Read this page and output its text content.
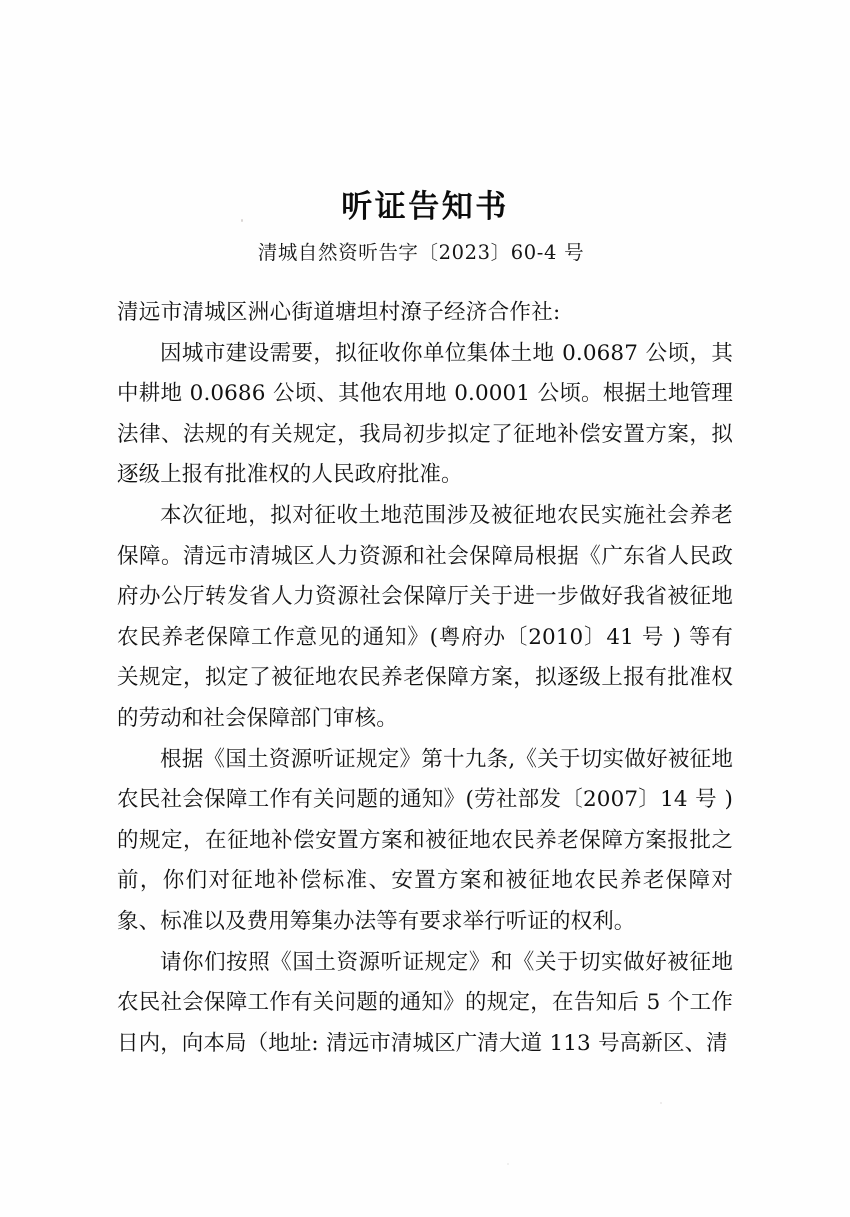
听证告知书
清城自然资听告字〔2023〕60-4 号

清远市清城区洲心街道塘坦村潦子经济合作社:

因城市建设需要，拟征收你单位集体土地 0.0687 公顷，其中耕地 0.0686 公顷、其他农用地 0.0001 公顷。根据土地管理法律、法规的有关规定，我局初步拟定了征地补偿安置方案，拟逐级上报有批准权的人民政府批准。

本次征地，拟对征收土地范围涉及被征地农民实施社会养老保障。清远市清城区人力资源和社会保障局根据《广东省人民政府办公厅转发省人力资源社会保障厅关于进一步做好我省被征地农民养老保障工作意见的通知》(粤府办〔2010〕41 号 ) 等有关规定，拟定了被征地农民养老保障方案，拟逐级上报有批准权的劳动和社会保障部门审核。

根据《国土资源听证规定》第十九条,《关于切实做好被征地农民社会保障工作有关问题的通知》(劳社部发〔2007〕14 号 ) 的规定，在征地补偿安置方案和被征地农民养老保障方案报批之前，你们对征地补偿标准、安置方案和被征地农民养老保障对象、标准以及费用筹集办法等有要求举行听证的权利。

请你们按照《国土资源听证规定》和《关于切实做好被征地农民社会保障工作有关问题的通知》的规定，在告知后 5 个工作日内，向本局（地址: 清远市清城区广清大道 113 号高新区、清
